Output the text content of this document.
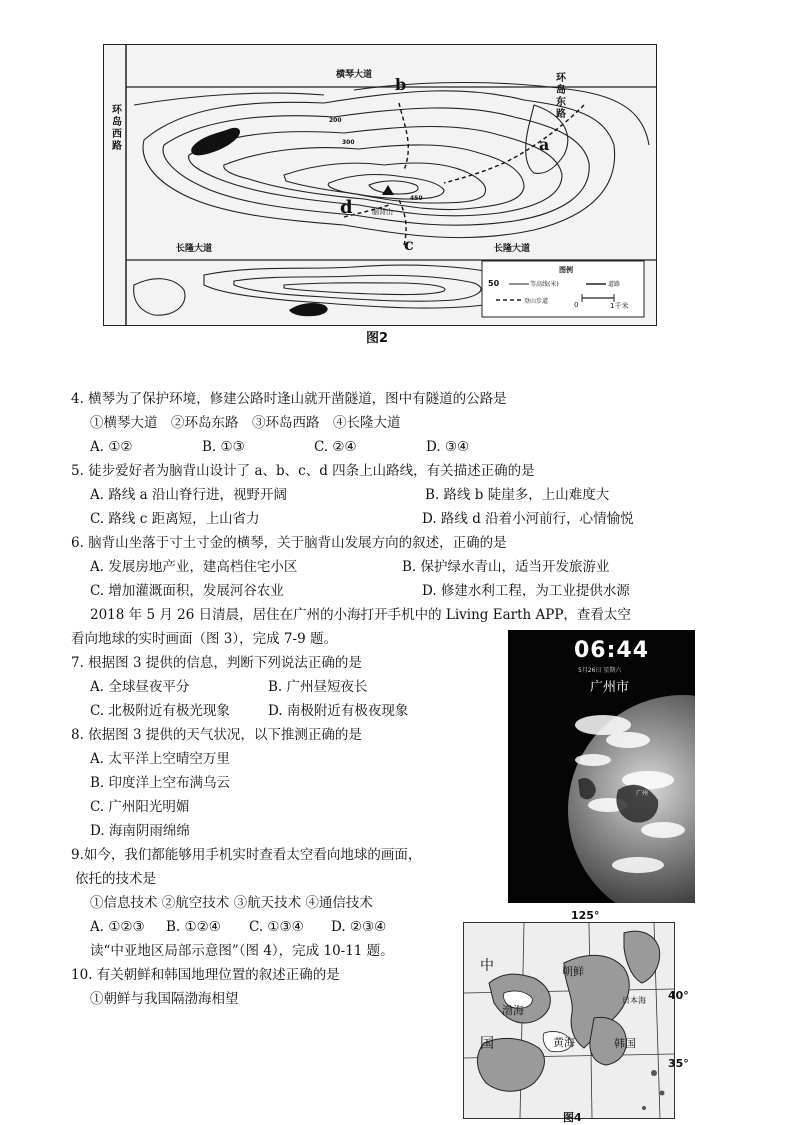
横琴大道	环岛东路
环岛西路
长隆大道	长隆大道
a
b
c
d	脑背山
200
300
450
图例
50	等高线(米)	道路
登山步道	0	1千米
图2
4. 横琴为了保护环境，修建公路时逢山就开凿隧道，图中有隧道的公路是
①横琴大道　②环岛东路　③环岛西路　④长隆大道
A. ①②	B. ①③	C. ②④	D. ③④
5. 徒步爱好者为脑背山设计了 a、b、c、d 四条上山路线，有关描述正确的是
A. 路线 a 沿山脊行进，视野开阔	B. 路线 b 陡崖多，上山难度大
C. 路线 c 距离短，上山省力	D. 路线 d 沿着小河前行，心情愉悦
6. 脑背山坐落于寸土寸金的横琴，关于脑背山发展方向的叙述，正确的是
A. 发展房地产业，建高档住宅小区	B. 保护绿水青山，适当开发旅游业
C. 增加灌溉面积，发展河谷农业	D. 修建水利工程，为工业提供水源
2018 年 5 月 26 日清晨，居住在广州的小海打开手机中的 Living Earth APP，查看太空
看向地球的实时画面（图 3），完成 7-9 题。
7. 根据图 3 提供的信息，判断下列说法正确的是
A. 全球昼夜平分	B. 广州昼短夜长
C. 北极附近有极光现象	D. 南极附近有极夜现象
8. 依据图 3 提供的天气状况，以下推测正确的是
A. 太平洋上空晴空万里
B. 印度洋上空布满乌云
C. 广州阳光明媚
D. 海南阴雨绵绵
9.如今，我们都能够用手机实时查看太空看向地球的画面，
依托的技术是
①信息技术 ②航空技术 ③航天技术 ④通信技术
A. ①②③ B. ①②④ C. ①③④ D. ②③④
读“中亚地区局部示意图”（图 4），完成 10-11 题。
10. 有关朝鲜和韩国地理位置的叙述正确的是
①朝鲜与我国隔渤海相望
06:44
5月26日 星期六
广州市
广州
125°
中
国
朝鲜
日本海
渤海
黄海	韩国
40°
35°
图4
